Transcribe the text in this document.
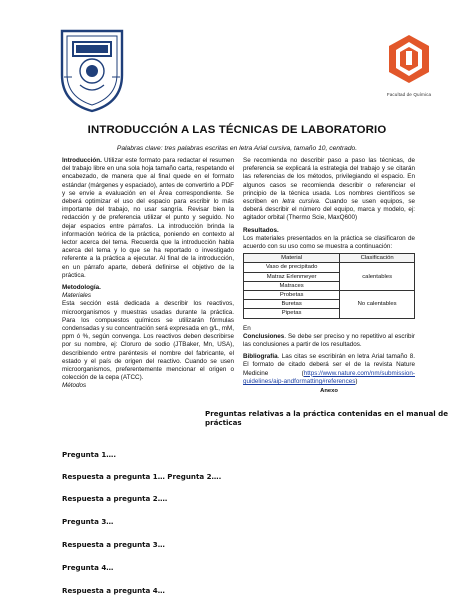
Facultad de Química
INTRODUCCIÓN A LAS TÉCNICAS DE LABORATORIO
Palabras clave: tres palabras escritas en letra Arial cursiva, tamaño 10, centrado.

Introducción. Utilizar este formato para redactar el resumen del trabajo libre en una sola hoja tamaño carta, respetando el encabezado, de manera que al final quede en el formato estándar (márgenes y espaciado), antes de convertirlo a PDF y se envíe a evaluación en el Área correspondiente. Se deberá optimizar el uso del espacio para escribir lo más importante del trabajo, no usar sangría. Revisar bien la redacción y de preferencia utilizar el punto y seguido. No dejar espacios entre párrafos. La introducción brinda la información teórica de la práctica, poniendo en contexto al lector acerca del tema. Recuerda que la introducción habla acerca del tema y lo que se ha reportado o investigado referente a la práctica a ejecutar. Al final de la introducción, en un párrafo aparte, deberá definirse el objetivo de la práctica.

Metodología.

Materiales

Esta sección está dedicada a describir los reactivos, microorganismos y muestras usadas durante la práctica. Para los compuestos químicos se utilizarán fórmulas condensadas y su concentración será expresada en g/L, mM, ppm ó %, según convenga. Los reactivos deben describirse por su nombre, ej: Cloruro de sodio (JTBaker, Mn, USA), describiendo entre paréntesis el nombre del fabricante, el estado y el país de origen del reactivo. Cuando se usen microorganismos, preferentemente mencionar el origen o colección de la cepa (ATCC).

Métodos

Se recomienda no describir paso a paso las técnicas, de preferencia se explicará la estrategia del trabajo y se citarán las referencias de los métodos, privilegiando el espacio. En algunos casos se recomienda describir o referenciar el principio de la técnica usada. Los nombres científicos se escriben en letra cursiva. Cuando se usen equipos, se deberá describir el número del equipo, marca y modelo, ej: agitador orbital (Thermo Scie, MaxQ600)

Resultados.

Los materiales presentados en la práctica se clasificaron de acuerdo con su uso como se muestra a continuación:

Material	Clasificación
Vaso de precipitado	calentables
Matraz Erlenmeyer	
Matraces	
Probetas	No calentables
Buretas	
Pipetas	

En

Conclusiones. Se debe ser preciso y no repetitivo al escribir las conclusiones a partir de los resultados.

Bibliografía. Las citas se escribirán en letra Arial tamaño 8. El formato de citado deberá ser el de la revista Nature Medicine (https://www.nature.com/nm/submission-guidelines/aip-andformatting#references)

Anexo
Preguntas relativas a la práctica contenidas en el manual de prácticas
Pregunta 1….
Respuesta a pregunta 1… Pregunta 2….
Respuesta a pregunta 2….
Pregunta 3…
Respuesta a pregunta 3…
Pregunta 4…
Respuesta a pregunta 4…
